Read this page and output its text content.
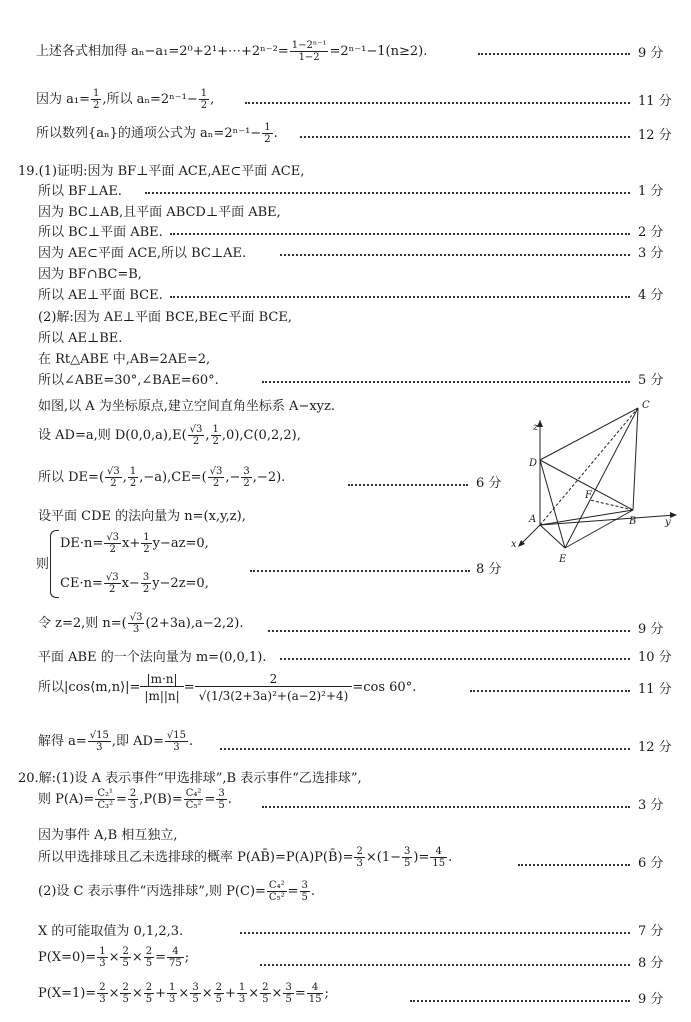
上述各式相加得 aₙ−a₁=2⁰+2¹+⋯+2ⁿ⁻²= $\frac{\text{1−2ⁿ⁻¹}}{1-2} =2^{n-1}-1(n\ge 2)$.	9 分
因为 $a_1= \frac{1}{2}$ ,所以 $a_n=2^{n-1}- \frac{1}{2}$ ,	11 分
所以数列{aₙ}的通项公式为 $a_n=2^{n-1}- \frac{1}{2}$ .	12 分
19.(1)证明:因为 BF⊥平面 ACE,AE⊂平面 ACE,
所以 BF⊥AE.	1 分
因为 BC⊥AB,且平面 ABCD⊥平面 ABE,
所以 BC⊥平面 ABE.	2 分
因为 AE⊂平面 ACE,所以 BC⊥AE.	3 分
因为 BF∩BC=B,
所以 AE⊥平面 BCE.	4 分
(2)解:因为 AE⊥平面 BCE,BE⊂平面 BCE,
所以 AE⊥BE.
在 Rt△ABE 中,AB=2AE=2,
所以∠ABE=30°,∠BAE=60°.	5 分
如图,以 A 为坐标原点,建立空间直角坐标系 A−xyz.
设 AD=a,则 $D(0,0,a),E( \frac{√3}{2}$ , $\frac{1}{2} ,0),C(0,2,2)$,
所以 $DE=( \frac{√3}{2}$ , $\frac{1}{2} ,-a),CE=( \frac{√3}{2}$ ,− $\frac{3}{2} ,-2$).	6 分
设平面 CDE 的法向量为 n=(x,y,z),
则
$DE\cdot n= \frac{√3}{2} x+ \frac{1}{2} y-az=0$,
$CE\cdot n= \frac{√3}{2} x- \frac{3}{2} y-2z=0$,
8 分
z
C
D
F
A	B	y
x
E
令 z=2,则 $n=( \frac{√3}{3} (2+3a),a-2,2)$.	9 分
平面 ABE 的一个法向量为 m=(0,0,1).	10 分
所以|cos⟨m,n⟩|= $\frac{|m\cdot n|}{|m||n|} = \frac{2}{\text{√(1/3(2+3a)²+(a−2)²+4)}} =\cos$ 60°.	11 分
解得 $a= \frac{√15}{3}$ ,即 $AD= \frac{√15}{3}$ .	12 分
20.解:(1)设 A 表示事件“甲选排球”,B 表示事件“乙选排球”,
则 $P(A)= \frac{\text{C₂¹}}{\text{C₃²}} = \frac{2}{3} ,P(B)= \frac{\text{C₄²}}{\text{C₅²}} = \frac{3}{5}$ .	3 分
因为事件 A,B 相互独立,
所以甲选排球且乙未选排球的概率 P(AB̄)=P(A)P(B̄)= $\frac{2}{3} \times(1- \frac{3}{5}$ )= $\frac{4}{15}$ .	6 分
(2)设 C 表示事件“丙选排球”,则 $P(C)= \frac{\text{C₄²}}{\text{C₅²}} = \frac{3}{5}$ .
X 的可能取值为 0,1,2,3.	7 分
$P(X=0)= \frac{1}{3} \times \frac{2}{5} \times \frac{2}{5} = \frac{4}{75}$ ;	8 分
$P(X=1)= \frac{2}{3} \times \frac{2}{5} \times \frac{2}{5} + \frac{1}{3} \times \frac{3}{5} \times \frac{2}{5} + \frac{1}{3} \times \frac{2}{5} \times \frac{3}{5} = \frac{4}{15}$ ;	9 分
